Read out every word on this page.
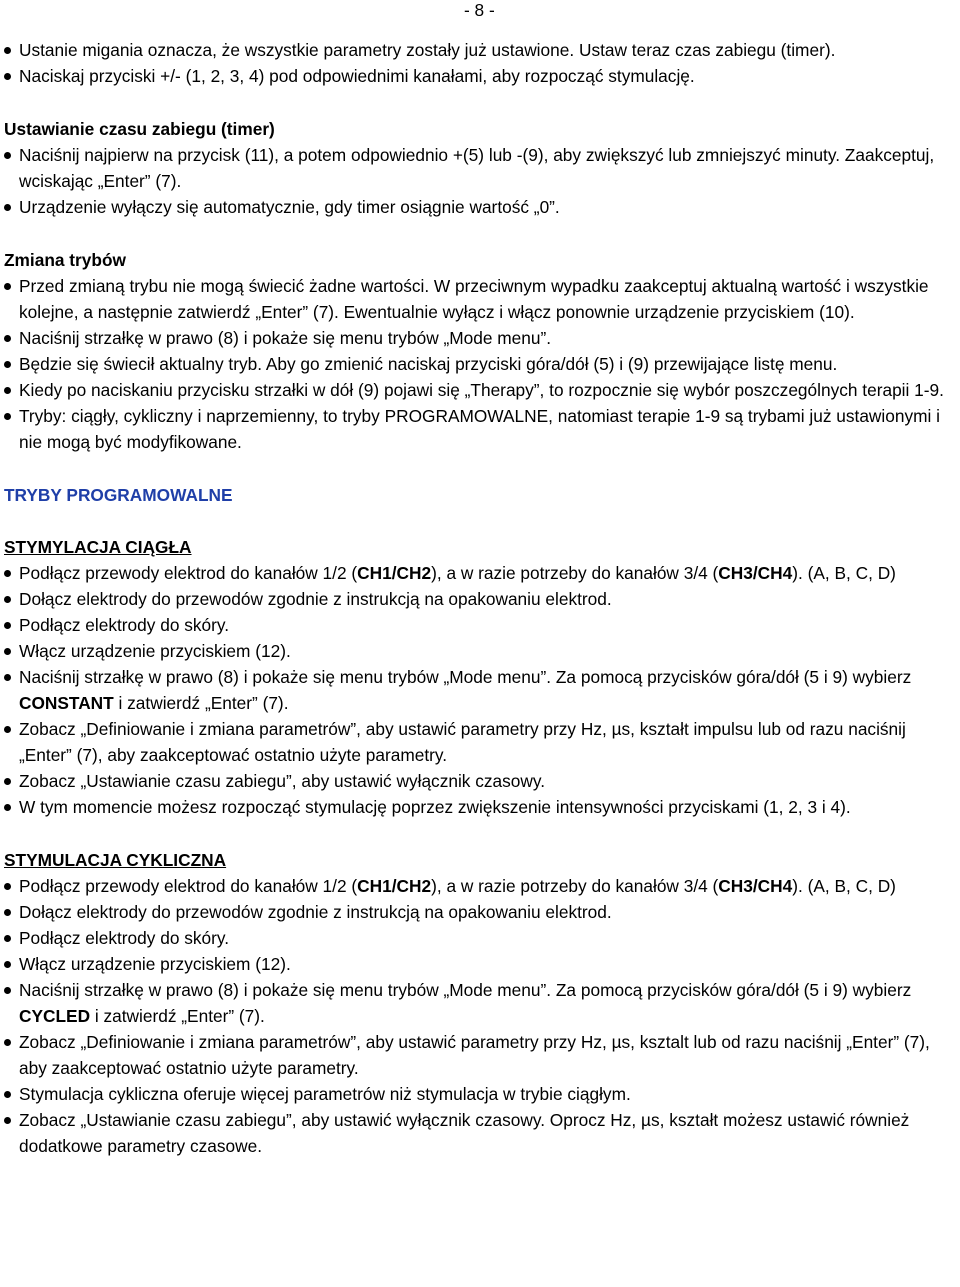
- 8 -
Ustanie migania oznacza, że wszystkie parametry zostały już ustawione. Ustaw teraz czas zabiegu (timer).
Naciskaj przyciski +/- (1, 2, 3, 4) pod odpowiednimi kanałami, aby rozpocząć stymulację.
Ustawianie czasu zabiegu (timer)
Naciśnij najpierw na przycisk (11), a potem odpowiednio +(5) lub -(9), aby zwiększyć lub zmniejszyć minuty. Zaakceptuj, wciskając „Enter” (7).
Urządzenie wyłączy się automatycznie, gdy timer osiągnie wartość „0”.
Zmiana trybów
Przed zmianą trybu nie mogą świecić żadne wartości. W przeciwnym wypadku zaakceptuj aktualną wartość i wszystkie kolejne, a następnie zatwierdź „Enter” (7). Ewentualnie wyłącz i włącz ponownie urządzenie przyciskiem (10).
Naciśnij strzałkę w prawo (8) i pokaże się menu trybów „Mode menu”.
Będzie się świecił aktualny tryb. Aby go zmienić naciskaj przyciski góra/dół (5) i (9) przewijające listę menu.
Kiedy po naciskaniu przycisku strzałki w dół (9) pojawi się „Therapy”, to rozpocznie się wybór poszczególnych terapii 1-9.
Tryby: ciągły, cykliczny i naprzemienny, to tryby PROGRAMOWALNE, natomiast terapie 1-9 są trybami już ustawionymi i nie mogą być modyfikowane.
TRYBY PROGRAMOWALNE
STYMYLACJA CIĄGŁA
Podłącz przewody elektrod do kanałów 1/2 (CH1/CH2), a w razie potrzeby do kanałów 3/4 (CH3/CH4). (A, B, C, D)
Dołącz elektrody do przewodów zgodnie z instrukcją na opakowaniu elektrod.
Podłącz elektrody do skóry.
Włącz urządzenie przyciskiem (12).
Naciśnij strzałkę w prawo (8) i pokaże się menu trybów „Mode menu”. Za pomocą przycisków góra/dół (5 i 9) wybierz CONSTANT i zatwierdź „Enter” (7).
Zobacz „Definiowanie i zmiana parametrów”, aby ustawić parametry przy Hz, µs, kształt impulsu lub od razu naciśnij „Enter” (7), aby zaakceptować ostatnio użyte parametry.
Zobacz „Ustawianie czasu zabiegu”, aby ustawić wyłącznik czasowy.
W tym momencie możesz rozpocząć stymulację poprzez zwiększenie intensywności przyciskami (1, 2, 3 i 4).
STYMULACJA CYKLICZNA
Podłącz przewody elektrod do kanałów 1/2 (CH1/CH2), a w razie potrzeby do kanałów 3/4 (CH3/CH4). (A, B, C, D)
Dołącz elektrody do przewodów zgodnie z instrukcją na opakowaniu elektrod.
Podłącz elektrody do skóry.
Włącz urządzenie przyciskiem (12).
Naciśnij strzałkę w prawo (8) i pokaże się menu trybów „Mode menu”. Za pomocą przycisków góra/dół (5 i 9) wybierz CYCLED i zatwierdź „Enter” (7).
Zobacz „Definiowanie i zmiana parametrów”, aby ustawić parametry przy Hz, µs, ksztalt lub od razu naciśnij „Enter” (7), aby zaakceptować ostatnio użyte parametry.
Stymulacja cykliczna oferuje więcej parametrów niż stymulacja w trybie ciągłym.
Zobacz „Ustawianie czasu zabiegu”, aby ustawić wyłącznik czasowy. Oprocz Hz, µs, kształt możesz ustawić również dodatkowe parametry czasowe.
